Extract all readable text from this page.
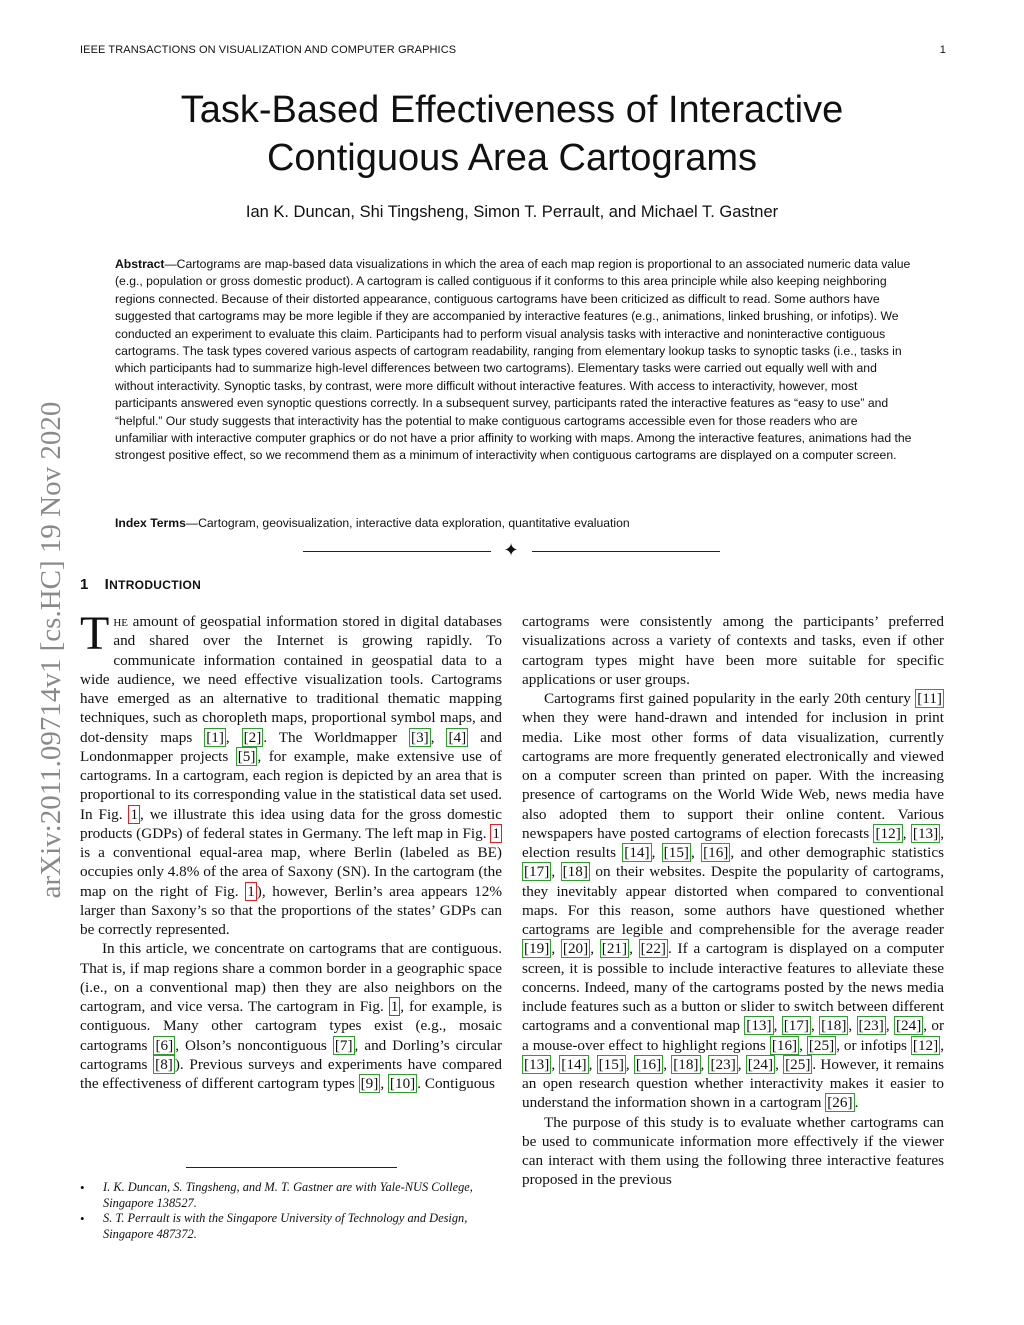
IEEE TRANSACTIONS ON VISUALIZATION AND COMPUTER GRAPHICS	1
Task-Based Effectiveness of Interactive
Contiguous Area Cartograms
Ian K. Duncan, Shi Tingsheng, Simon T. Perrault, and Michael T. Gastner
Abstract—Cartograms are map-based data visualizations in which the area of each map region is proportional to an associated numeric data value (e.g., population or gross domestic product). A cartogram is called contiguous if it conforms to this area principle while also keeping neighboring regions connected. Because of their distorted appearance, contiguous cartograms have been criticized as difficult to read. Some authors have suggested that cartograms may be more legible if they are accompanied by interactive features (e.g., animations, linked brushing, or infotips). We conducted an experiment to evaluate this claim. Participants had to perform visual analysis tasks with interactive and noninteractive contiguous cartograms. The task types covered various aspects of cartogram readability, ranging from elementary lookup tasks to synoptic tasks (i.e., tasks in which participants had to summarize high-level differences between two cartograms). Elementary tasks were carried out equally well with and without interactivity. Synoptic tasks, by contrast, were more difficult without interactive features. With access to interactivity, however, most participants answered even synoptic questions correctly. In a subsequent survey, participants rated the interactive features as “easy to use” and “helpful.” Our study suggests that interactivity has the potential to make contiguous cartograms accessible even for those readers who are unfamiliar with interactive computer graphics or do not have a prior affinity to working with maps. Among the interactive features, animations had the strongest positive effect, so we recommend them as a minimum of interactivity when contiguous cartograms are displayed on a computer screen.
Index Terms—Cartogram, geovisualization, interactive data exploration, quantitative evaluation
✦
arXiv:2011.09714v1 [cs.HC] 19 Nov 2020 1 INTRODUCTION

The amount of geospatial information stored in digital databases and shared over the Internet is growing rapidly. To communicate information contained in geospatial data to a wide audience, we need effective visualization tools. Cartograms have emerged as an alternative to traditional thematic mapping techniques, such as choropleth maps, proportional symbol maps, and dot-density maps [1] , [2] . The Worldmapper [3] , [4] and Londonmapper projects [5] , for example, make extensive use of cartograms. In a cartogram, each region is depicted by an area that is proportional to its corresponding value in the statistical data set used. In Fig. 1 , we illustrate this idea using data for the gross domestic products (GDPs) of federal states in Germany. The left map in Fig. 1 is a conventional equal-area map, where Berlin (labeled as BE) occupies only 4.8% of the area of Saxony (SN). In the cartogram (the map on the right of Fig. 1 ), however, Berlin’s area appears 12% larger than Saxony’s so that the proportions of the states’ GDPs can be correctly represented.

In this article, we concentrate on cartograms that are contiguous. That is, if map regions share a common border in a geographic space (i.e., on a conventional map) then they are also neighbors on the cartogram, and vice versa. The cartogram in Fig. 1 , for example, is contiguous. Many other cartogram types exist (e.g., mosaic cartograms [6] , Olson’s noncontiguous [7] , and Dorling’s circular cartograms [8] ). Previous surveys and experiments have compared the effectiveness of different cartogram types [9] , [10] . Contiguous

cartograms were consistently among the participants’ preferred visualizations across a variety of contexts and tasks, even if other cartogram types might have been more suitable for specific applications or user groups.

Cartograms first gained popularity in the early 20th century [11] when they were hand-drawn and intended for inclusion in print media. Like most other forms of data visualization, currently cartograms are more frequently generated electronically and viewed on a computer screen than printed on paper. With the increasing presence of cartograms on the World Wide Web, news media have also adopted them to support their online content. Various newspapers have posted cartograms of election forecasts [12] , [13] , election results [14] , [15] , [16] , and other demographic statistics [17] , [18] on their websites. Despite the popularity of cartograms, they inevitably appear distorted when compared to conventional maps. For this reason, some authors have questioned whether cartograms are legible and comprehensible for the average reader [19] , [20] , [21] , [22] . If a cartogram is displayed on a computer screen, it is possible to include interactive features to alleviate these concerns. Indeed, many of the cartograms posted by the news media include features such as a button or slider to switch between different cartograms and a conventional map [13] , [17] , [18] , [23] , [24] , or a mouse-over effect to highlight regions [16] , [25] , or infotips [12] , [13] , [14] , [15] , [16] , [18] , [23] , [24] , [25] . However, it remains an open research question whether interactivity makes it easier to understand the information shown in a cartogram [26] .

The purpose of this study is to evaluate whether cartograms can be used to communicate information more effectively if the viewer can interact with them using the following three interactive features proposed in the previous

• I. K. Duncan, S. Tingsheng, and M. T. Gastner are with Yale-NUS College, Singapore 138527.
• S. T. Perrault is with the Singapore University of Technology and Design, Singapore 487372.
